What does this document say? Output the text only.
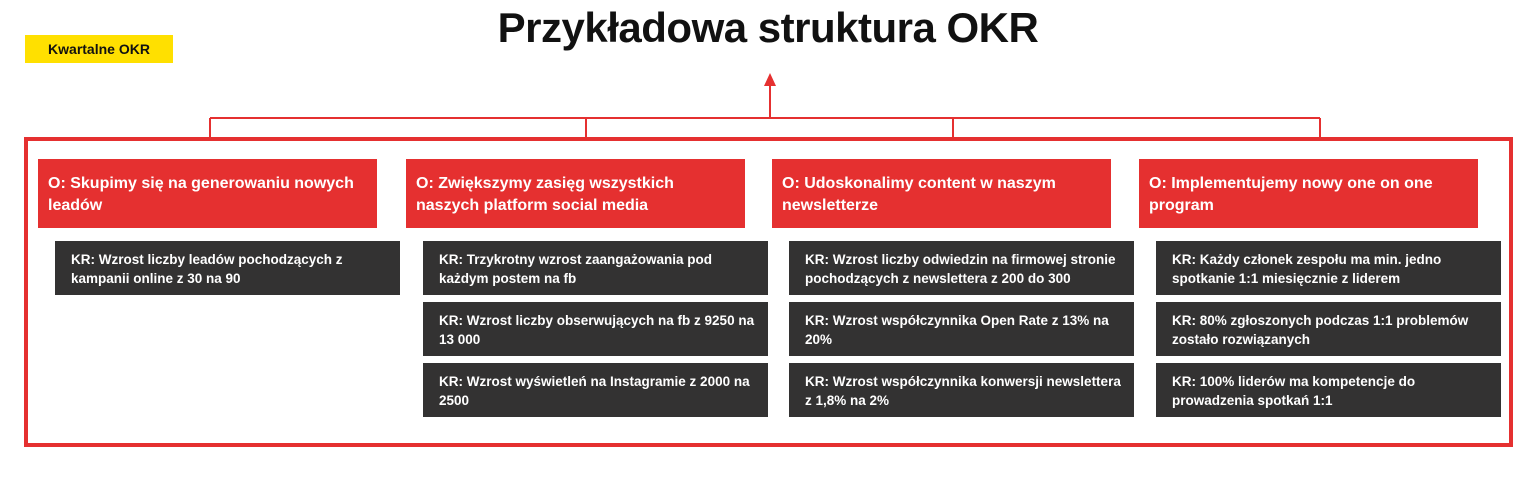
Kwartalne OKR	Przykładowa struktura OKR
O: Skupimy się na generowaniu nowych leadów
KR: Wzrost liczby leadów pochodzących z kampanii online z 30 na 90
O: Zwiększymy zasięg wszystkich naszych platform social media
KR: Trzykrotny wzrost zaangażowania pod każdym postem na fb
KR: Wzrost liczby obserwujących na fb z 9250 na 13 000
KR: Wzrost wyświetleń na Instagramie z 2000 na 2500
O: Udoskonalimy content w naszym newsletterze
KR: Wzrost liczby odwiedzin na firmowej stronie pochodzących z newslettera z 200 do 300
KR: Wzrost współczynnika Open Rate z 13% na 20%
KR: Wzrost współczynnika konwersji newslettera z 1,8% na 2%
O: Implementujemy nowy one on one program
KR: Każdy członek zespołu ma min. jedno spotkanie 1:1 miesięcznie z liderem
KR: 80% zgłoszonych podczas 1:1 problemów zostało rozwiązanych
KR: 100% liderów ma kompetencje do prowadzenia spotkań 1:1
